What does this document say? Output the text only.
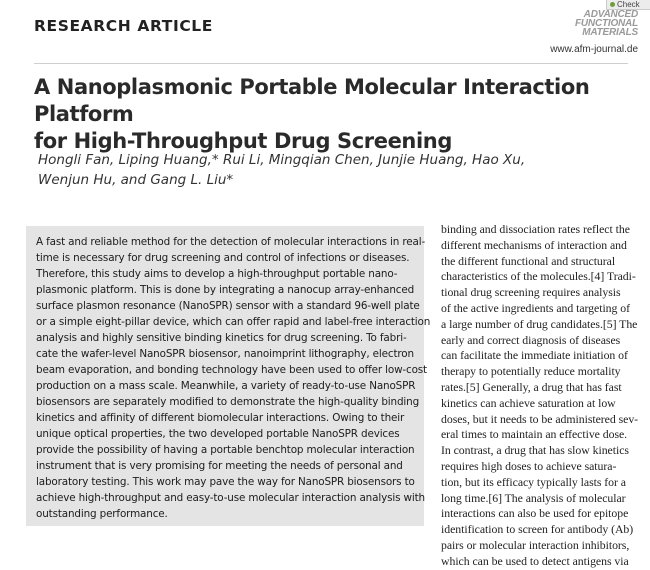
Check
RESEARCH ARTICLE
ADVANCED
FUNCTIONAL
MATERIALS
www.afm-journal.de
A Nanoplasmonic Portable Molecular Interaction Platform
for High-Throughput Drug Screening
Hongli Fan, Liping Huang,* Rui Li, Mingqian Chen, Junjie Huang, Hao Xu,
Wenjun Hu, and Gang L. Liu*
A fast and reliable method for the detection of molecular interactions in real-
time is necessary for drug screening and control of infections or diseases.
Therefore, this study aims to develop a high-throughput portable nano-
plasmonic platform. This is done by integrating a nanocup array-enhanced
surface plasmon resonance (NanoSPR) sensor with a standard 96-well plate
or a simple eight-pillar device, which can offer rapid and label-free interaction
analysis and highly sensitive binding kinetics for drug screening. To fabri-
cate the wafer-level NanoSPR biosensor, nanoimprint lithography, electron
beam evaporation, and bonding technology have been used to offer low-cost
production on a mass scale. Meanwhile, a variety of ready-to-use NanoSPR
biosensors are separately modified to demonstrate the high-quality binding
kinetics and affinity of different biomolecular interactions. Owing to their
unique optical properties, the two developed portable NanoSPR devices
provide the possibility of having a portable benchtop molecular interaction
instrument that is very promising for meeting the needs of personal and
laboratory testing. This work may pave the way for NanoSPR biosensors to
achieve high-throughput and easy-to-use molecular interaction analysis with
outstanding performance.
binding and dissociation rates reflect the
different mechanisms of interaction and
the different functional and structural
characteristics of the molecules.[4] Tradi-
tional drug screening requires analysis
of the active ingredients and targeting of
a large number of drug candidates.[5] The
early and correct diagnosis of diseases
can facilitate the immediate initiation of
therapy to potentially reduce mortality
rates.[5] Generally, a drug that has fast
kinetics can achieve saturation at low
doses, but it needs to be administered sev-
eral times to maintain an effective dose.
In contrast, a drug that has slow kinetics
requires high doses to achieve satura-
tion, but its efficacy typically lasts for a
long time.[6] The analysis of molecular
interactions can also be used for epitope
identification to screen for antibody (Ab)
pairs or molecular interaction inhibitors,
which can be used to detect antigens via
